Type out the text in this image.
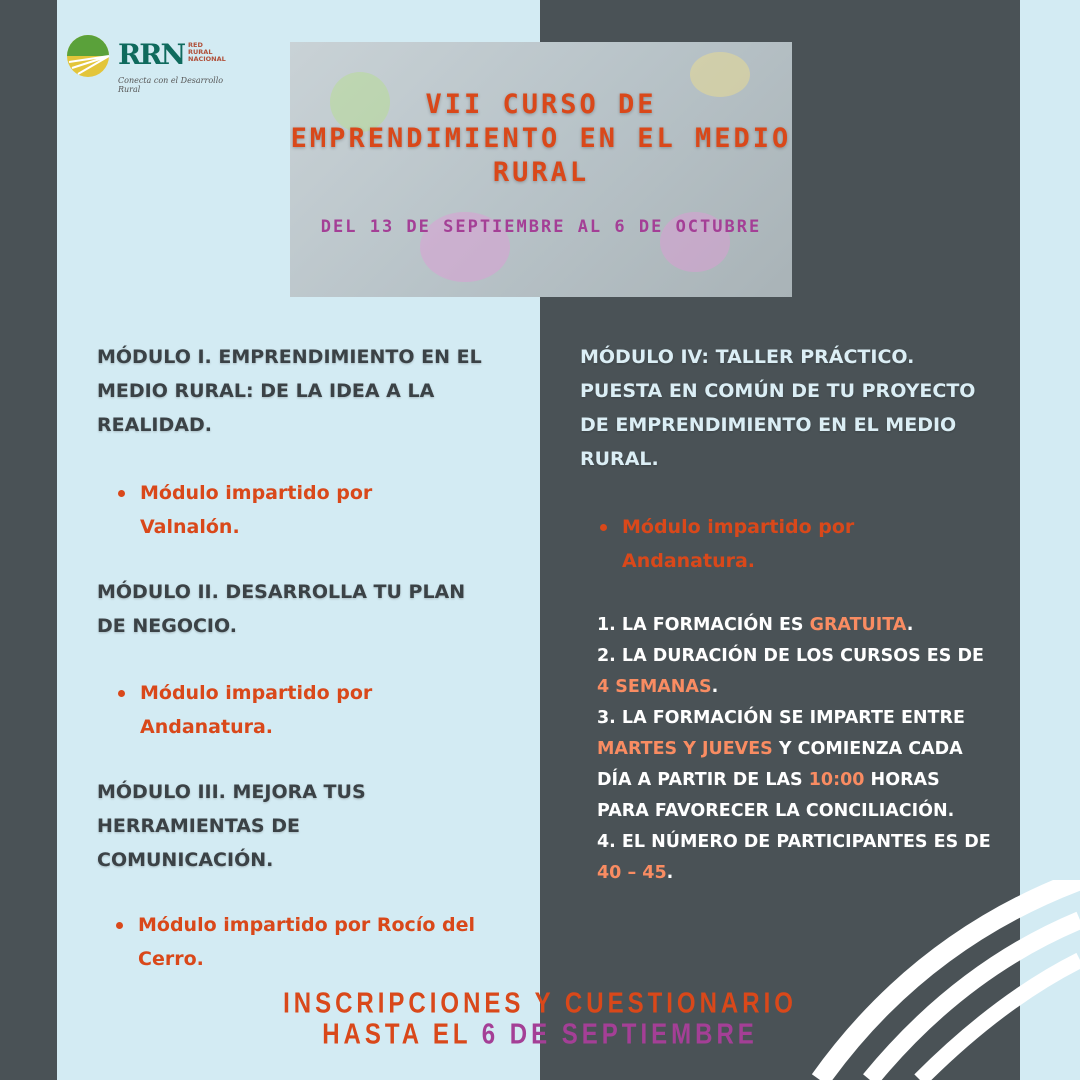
RRN RED
RURAL
NACIONAL
Conecta con el Desarrollo Rural	VII CURSO DE EMPRENDIMIENTO EN EL MEDIO RURAL
DEL 13 DE SEPTIEMBRE AL 6 DE OCTUBRE
MÓDULO I. EMPRENDIMIENTO EN EL MEDIO RURAL: DE LA IDEA A LA REALIDAD.
Módulo impartido por Valnalón.
MÓDULO II. DESARROLLA TU PLAN DE NEGOCIO.
Módulo impartido por Andanatura.
MÓDULO III. MEJORA TUS HERRAMIENTAS DE COMUNICACIÓN.
Módulo impartido por Rocío del Cerro.
MÓDULO IV: TALLER PRÁCTICO. PUESTA EN COMÚN DE TU PROYECTO DE EMPRENDIMIENTO EN EL MEDIO RURAL.
Módulo impartido por Andanatura.
1. LA FORMACIÓN ES GRATUITA.
2. LA DURACIÓN DE LOS CURSOS ES DE 4 SEMANAS.
3. LA FORMACIÓN SE IMPARTE ENTRE MARTES Y JUEVES Y COMIENZA CADA DÍA A PARTIR DE LAS 10:00 HORAS PARA FAVORECER LA CONCILIACIÓN.
4. EL NÚMERO DE PARTICIPANTES ES DE 40 – 45.
INSCRIPCIONES Y CUESTIONARIO
HASTA EL 6 DE SEPTIEMBRE
